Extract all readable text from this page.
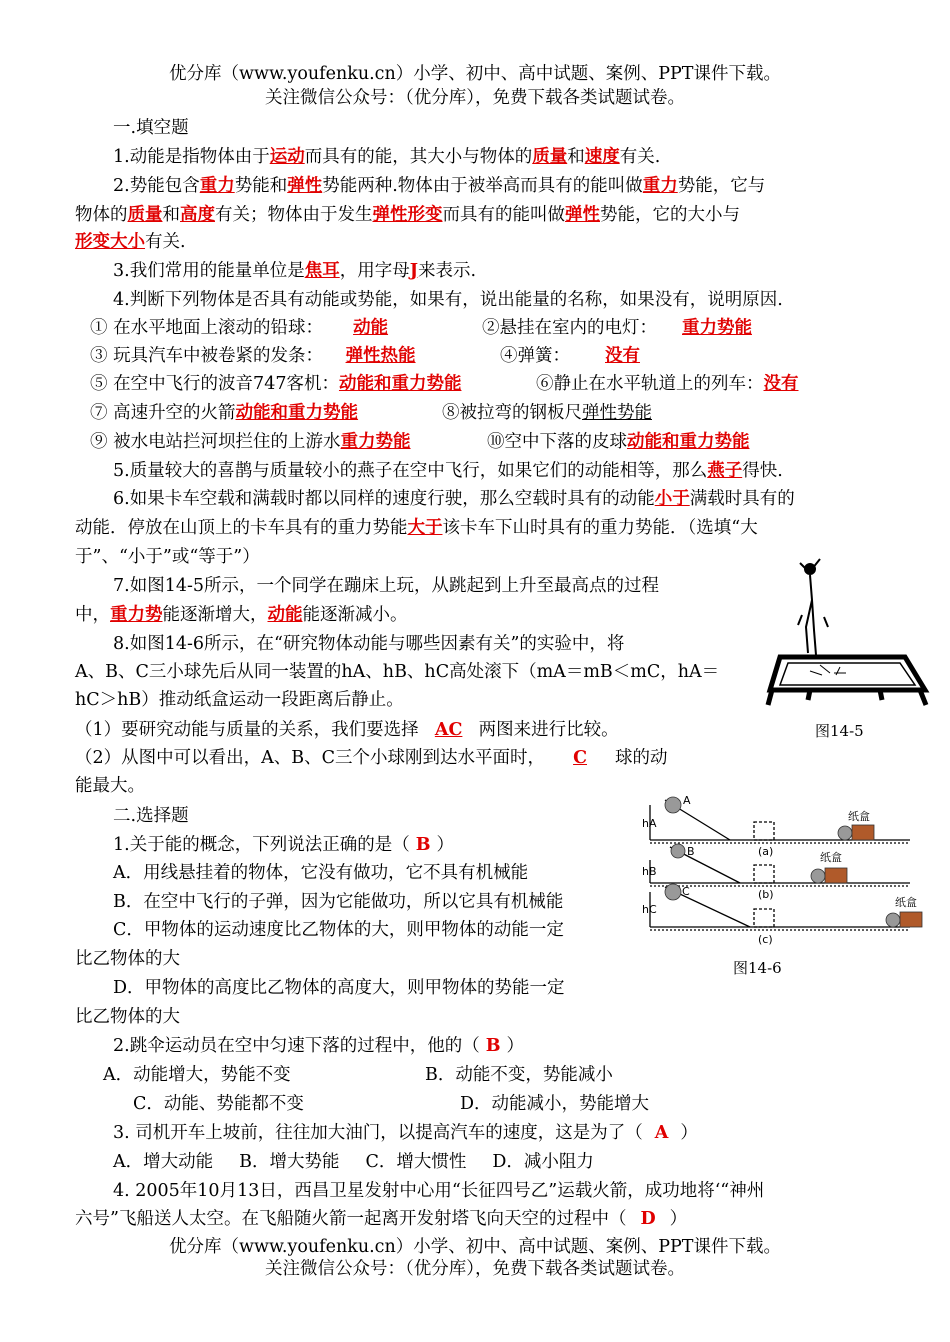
优分库（www.youfenku.cn）小学、初中、高中试题、案例、PPT课件下载。
关注微信公众号：（优分库），免费下载各类试题试卷。
一.填空题
1.动能是指物体由于运动而具有的能，其大小与物体的质量和速度有关.
2.势能包含重力势能和弹性势能两种.物体由于被举高而具有的能叫做重力势能，它与
物体的质量和高度有关；物体由于发生弹性形变而具有的能叫做弹性势能，它的大小与
形变大小有关.
3.我们常用的能量单位是焦耳，用字母J来表示.
4.判断下列物体是否具有动能或势能，如果有，说出能量的名称，如果没有，说明原因.
① 在水平地面上滚动的铅球： 动能	②悬挂在室内的电灯： 重力势能
③ 玩具汽车中被卷紧的发条： 弹性热能	④弹簧： 没有
⑤ 在空中飞行的波音747客机：动能和重力势能	⑥静止在水平轨道上的列车：没有
⑦ 高速升空的火箭动能和重力势能	⑧被拉弯的钢板尺弹性势能
⑨ 被水电站拦河坝拦住的上游水重力势能	⑩空中下落的皮球动能和重力势能
5.质量较大的喜鹊与质量较小的燕子在空中飞行，如果它们的动能相等，那么燕子得快.
6.如果卡车空载和满载时都以同样的速度行驶，那么空载时具有的动能小于满载时具有的
动能．停放在山顶上的卡车具有的重力势能大于该卡车下山时具有的重力势能．（选填“大
于”、“小于”或“等于”）
7.如图14-5所示，一个同学在蹦床上玩，从跳起到上升至最高点的过程
中，重力势能逐渐增大，动能能逐渐减小。
8.如图14-6所示，在“研究物体动能与哪些因素有关”的实验中，将
A、B、C三小球先后从同一装置的hA、hB、hC高处滚下（mA＝mB＜mC，hA＝
hC＞hB）推动纸盒运动一段距离后静止。
（1）要研究动能与质量的关系，我们要选择 AC 两图来进行比较。
（2）从图中可以看出，A、B、C三个小球刚到达水平面时， C 球的动
能最大。
图14-5
A
B
C
hA
hB
hC
纸盒
纸盒
纸盒
(a)
(b)
(c)
图14-6
二.选择题
1.关于能的概念，下列说法正确的是（ B ）
A．用线悬挂着的物体，它没有做功，它不具有机械能
B．在空中飞行的子弹，因为它能做功，所以它具有机械能
C．甲物体的运动速度比乙物体的大，则甲物体的动能一定
比乙物体的大
D．甲物体的高度比乙物体的高度大，则甲物体的势能一定
比乙物体的大
2.跳伞运动员在空中匀速下落的过程中，他的（ B ）
A．动能增大，势能不变	B．动能不变，势能减小
C．动能、势能都不变	D．动能减小，势能增大
3. 司机开车上坡前，往往加大油门，以提高汽车的速度，这是为了（ A ）
A．增大动能 B．增大势能 C．增大惯性 D．减小阻力
4. 2005年10月13日，西昌卫星发射中心用“长征四号乙”运载火箭，成功地将‘“神州
六号”飞船送人太空。在飞船随火箭一起离开发射塔飞向天空的过程中（ D ）
优分库（www.youfenku.cn）小学、初中、高中试题、案例、PPT课件下载。
关注微信公众号：（优分库），免费下载各类试题试卷。
